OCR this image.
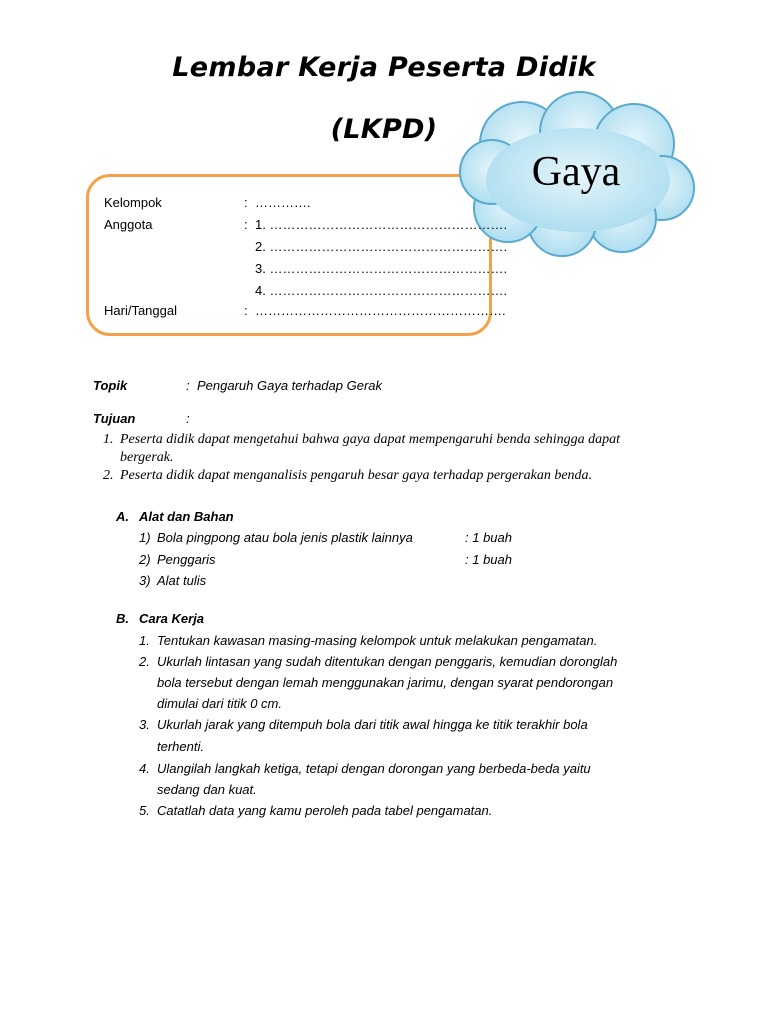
Lembar Kerja Peserta Didik
(LKPD)
Gaya
Kelompok	: ………….
Anggota	: 1. ……………………………………………….
2. ……………………………………………….
3. ……………………………………………….
4. ……………………………………………….
Hari/Tanggal	: ………………………………………………….
Topik	: Pengaruh Gaya terhadap Gerak
Tujuan	:
1. Peserta didik dapat mengetahui bahwa gaya dapat mempengaruhi benda sehingga dapat
bergerak.
2. Peserta didik dapat menganalisis pengaruh besar gaya terhadap pergerakan benda.
A. Alat dan Bahan
1) Bola pingpong atau bola jenis plastik lainnya	: 1 buah
2) Penggaris	: 1 buah
3) Alat tulis
B. Cara Kerja
1. Tentukan kawasan masing-masing kelompok untuk melakukan pengamatan.
2. Ukurlah lintasan yang sudah ditentukan dengan penggaris, kemudian doronglah
bola tersebut dengan lemah menggunakan jarimu, dengan syarat pendorongan
dimulai dari titik 0 cm.
3. Ukurlah jarak yang ditempuh bola dari titik awal hingga ke titik terakhir bola
terhenti.
4. Ulangilah langkah ketiga, tetapi dengan dorongan yang berbeda-beda yaitu
sedang dan kuat.
5. Catatlah data yang kamu peroleh pada tabel pengamatan.
